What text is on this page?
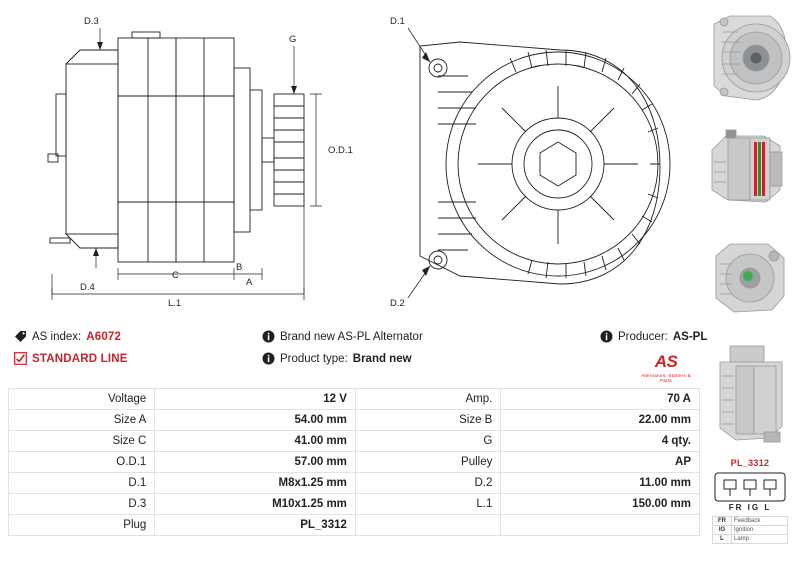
D.3
G
O.D.1
C
B
A
D.4
L.1
D.1
D.2
PL_3312
FR IG L
FR	Feedback
IG	Ignition
L	Lamp
AS index: A6072	Brand new AS-PL Alternator	Producer: AS-PL
STANDARD LINE	Product type: Brand new	AS
Alternators, Starters & Parts
Voltage	12 V	Amp.	70 A
Size A	54.00 mm	Size B	22.00 mm
Size C	41.00 mm	G	4 qty.
O.D.1	57.00 mm	Pulley	AP
D.1	M8x1.25 mm	D.2	11.00 mm
D.3	M10x1.25 mm	L.1	150.00 mm
Plug	PL_3312		
